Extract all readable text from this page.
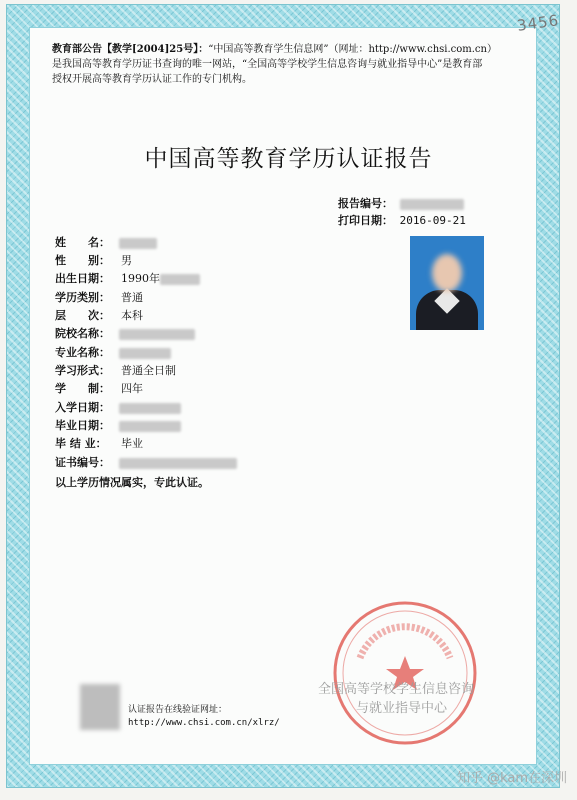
3456
教育部公告【教学[2004]25号】：“中国高等教育学生信息网”（网址：http://www.chsi.com.cn）
是我国高等教育学历证书查询的唯一网站，“全国高等学校学生信息咨询与就业指导中心”是教育部
授权开展高等教育学历认证工作的专门机构。
中国高等教育学历认证报告
报告编号：
打印日期： 2016-09-21
姓　　名：
性　　别： 男
出生日期： 1990年
学历类别： 普通
层　　次： 本科
院校名称：
专业名称：
学习形式： 普通全日制
学　　制： 四年
入学日期：
毕业日期：
毕 结 业： 毕业
证书编号：
以上学历情况属实，专此认证。
认证报告在线验证网址：
http://www.chsi.com.cn/xlrz/
全国高等学校学生信息咨询
与就业指导中心
知乎 @kam在深圳
